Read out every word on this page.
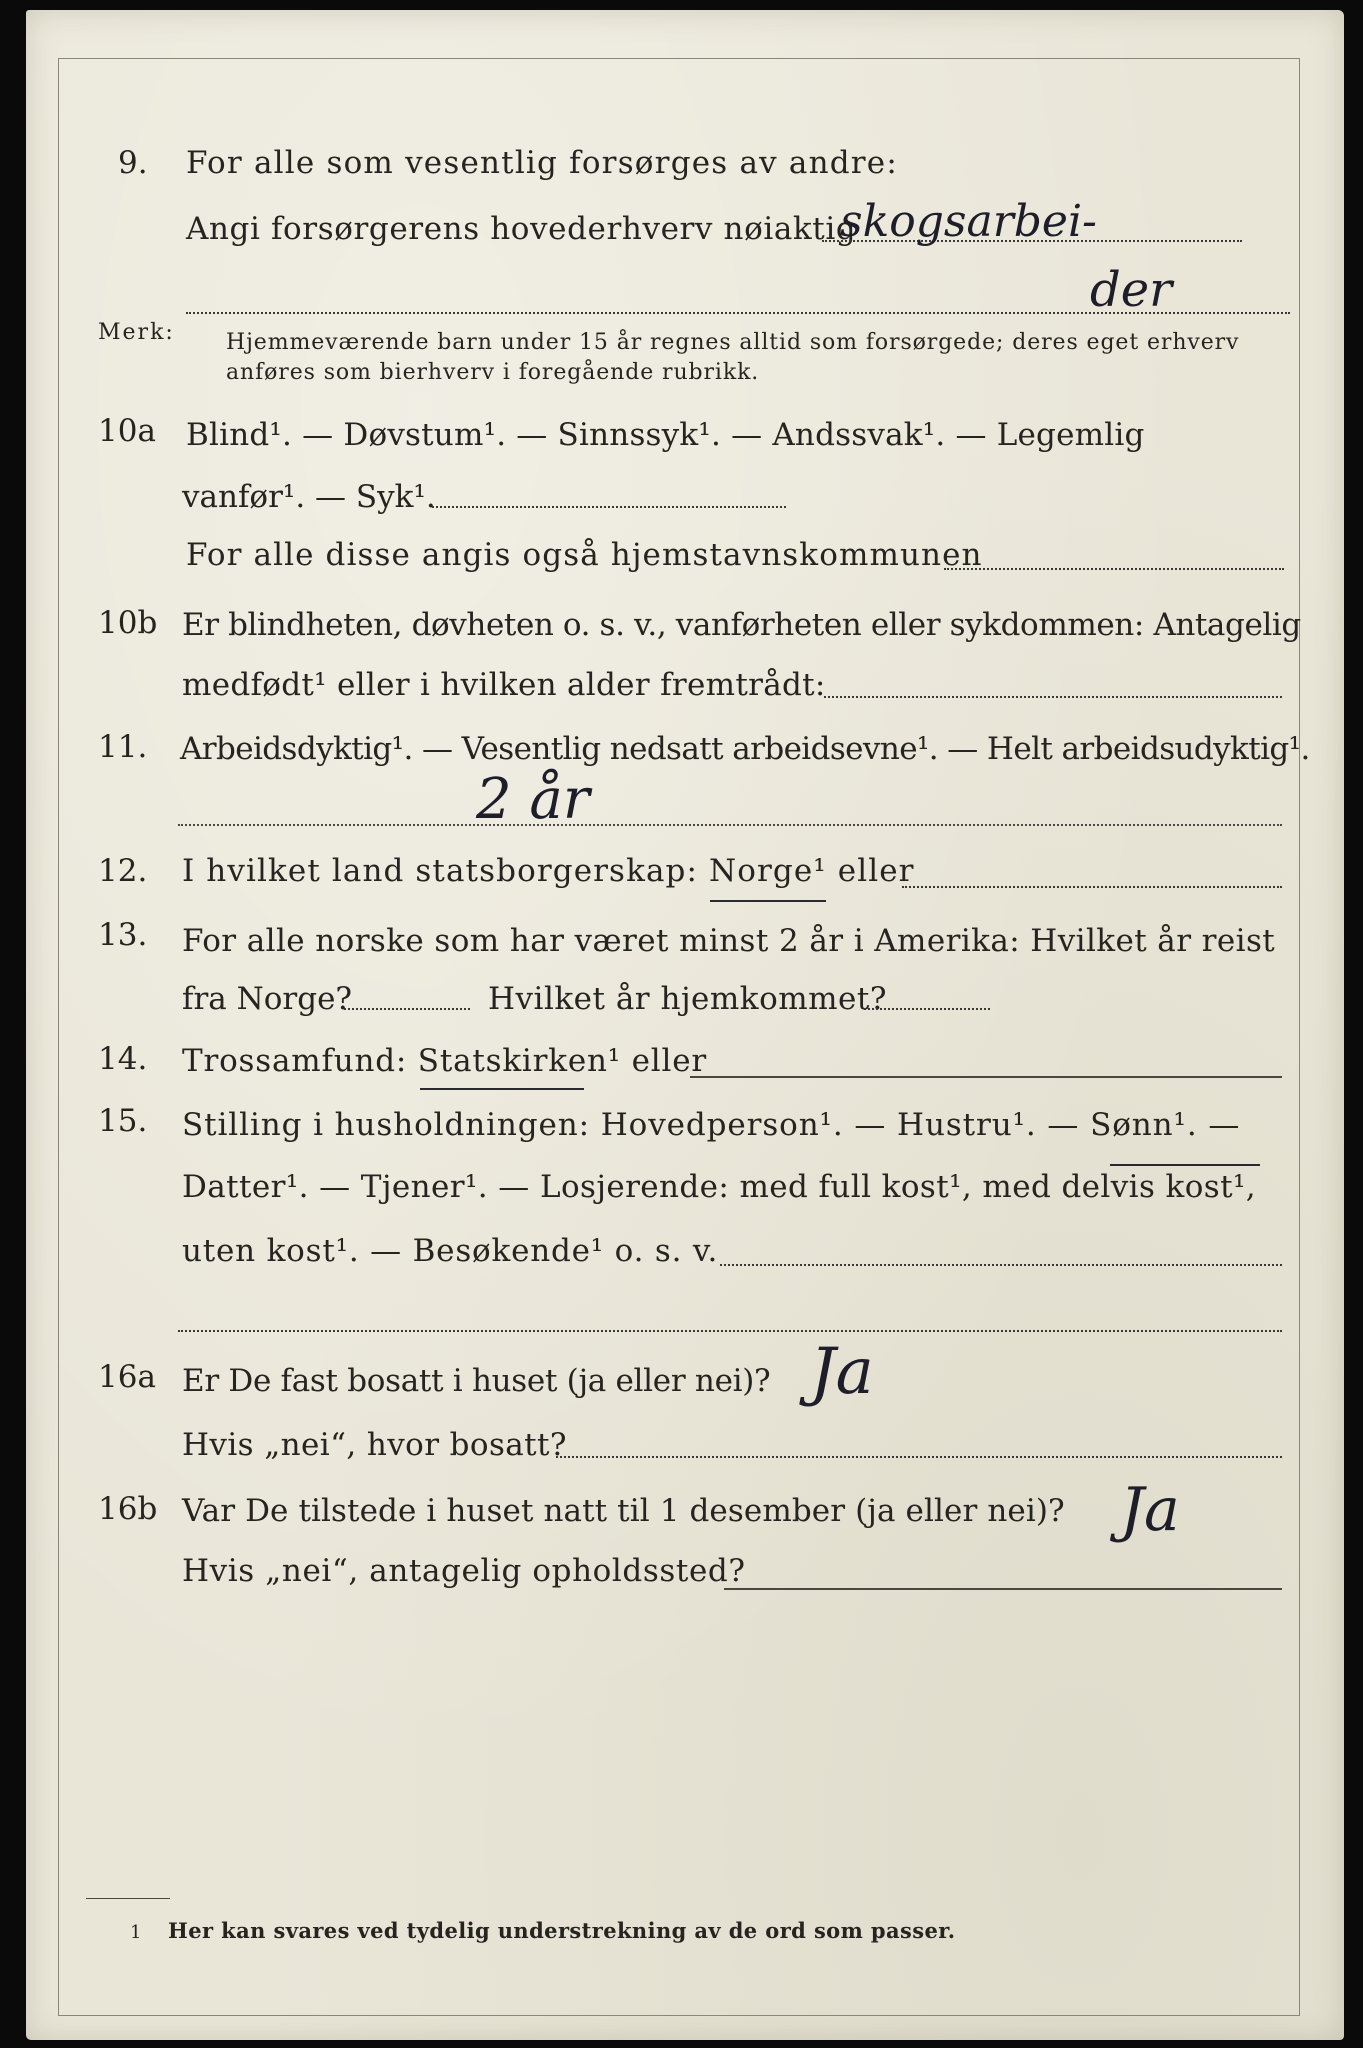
9. For alle som vesentlig forsørges av andre:
Angi forsørgerens hovederhverv nøiaktig
skogsarbei-
der
Merk: Hjemmeværende barn under 15 år regnes alltid som forsørgede; deres eget erhverv
anføres som bierhverv i foregående rubrikk.
10a Blind¹. — Døvstum¹. — Sinnssyk¹. — Andssvak¹. — Legemlig
vanfør¹. — Syk¹.
For alle disse angis også hjemstavnskommunen
10b Er blindheten, døvheten o. s. v., vanførheten eller sykdommen: Antagelig
medfødt¹ eller i hvilken alder fremtrådt:
11. Arbeidsdyktig¹. — Vesentlig nedsatt arbeidsevne¹. — Helt arbeidsudyktig¹.
2 år
12. I hvilket land statsborgerskap: Norge¹ eller
13. For alle norske som har været minst 2 år i Amerika: Hvilket år reist
fra Norge?	Hvilket år hjemkommet?
14. Trossamfund: Statskirken¹ eller
15. Stilling i husholdningen: Hovedperson¹. — Hustru¹. — Sønn¹. —
Datter¹. — Tjener¹. — Losjerende: med full kost¹, med delvis kost¹,
uten kost¹. — Besøkende¹ o. s. v.
16a Er De fast bosatt i huset (ja eller nei)? Ja
Hvis „nei“, hvor bosatt?
16b Var De tilstede i huset natt til 1 desember (ja eller nei)? Ja
Hvis „nei“, antagelig opholdssted?
1 Her kan svares ved tydelig understrekning av de ord som passer.
